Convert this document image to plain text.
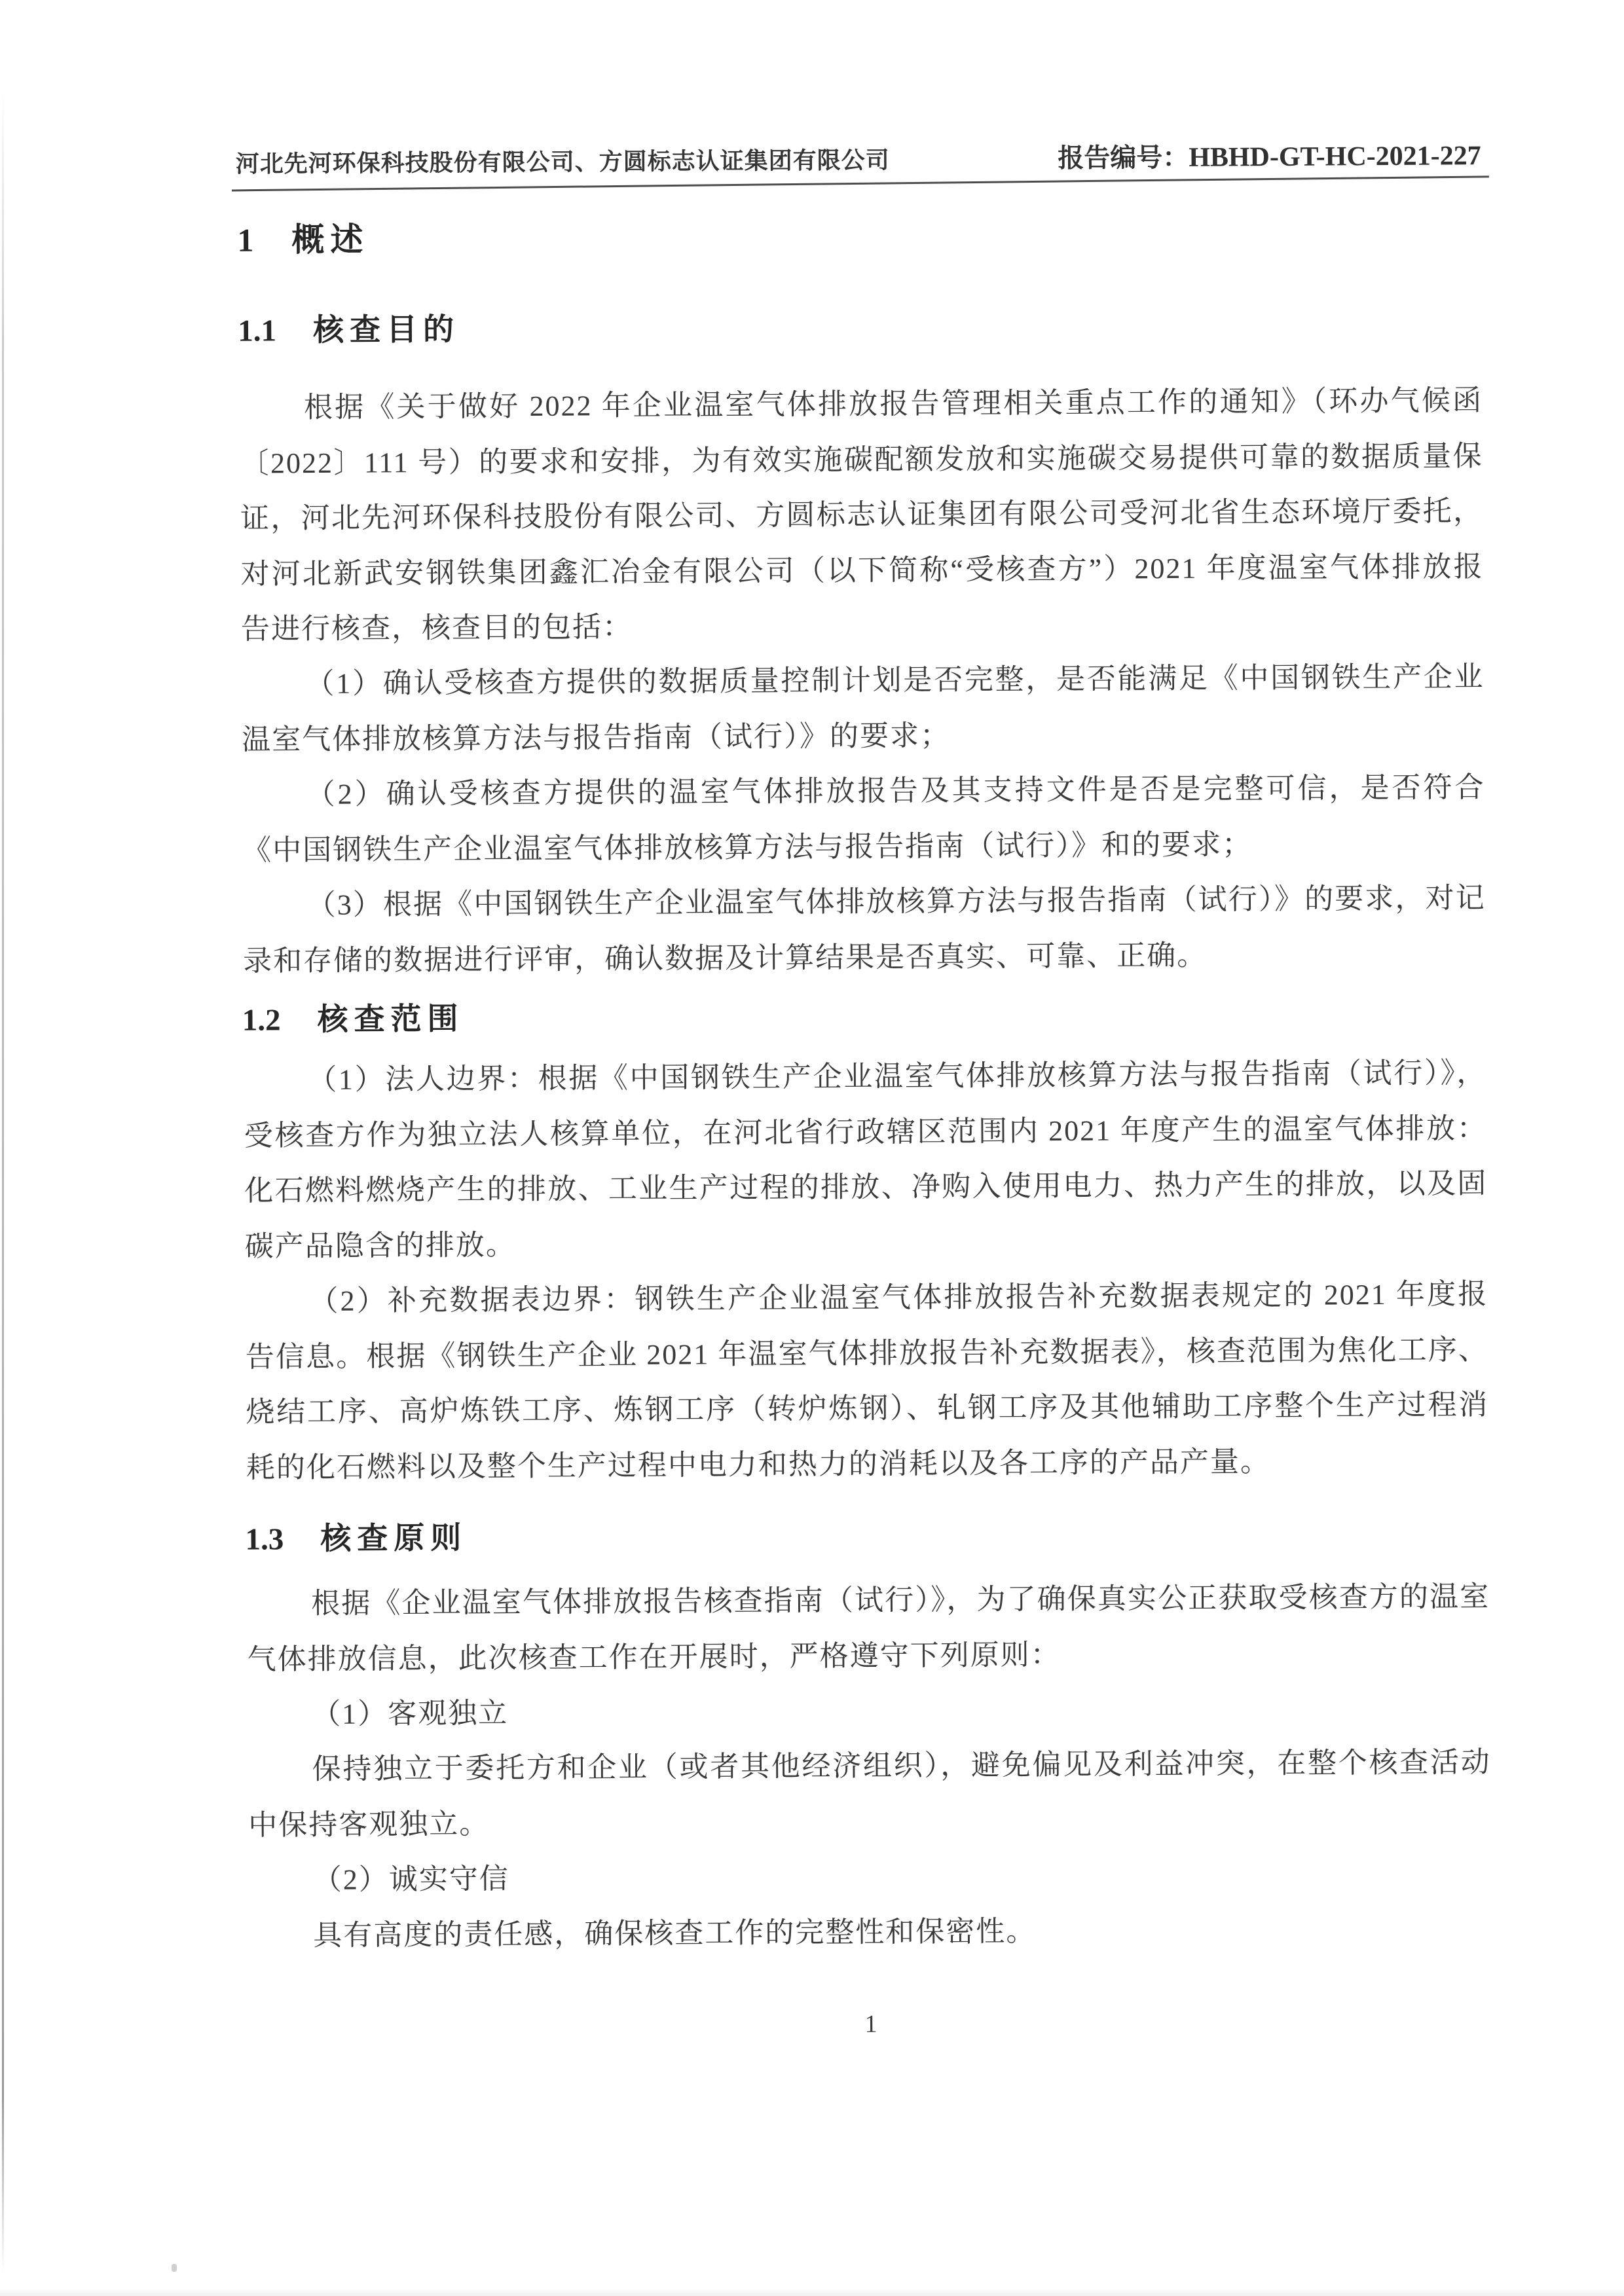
河北先河环保科技股份有限公司、方圆标志认证集团有限公司	报告编号：HBHD-GT-HC-2021-227
1 概述
1.1 核查目的
根据《关于做好 2022 年企业温室气体排放报告管理相关重点工作的通知》（环办气候函〔2022〕111 号）的要求和安排，为有效实施碳配额发放和实施碳交易提供可靠的数据质量保证，河北先河环保科技股份有限公司、方圆标志认证集团有限公司受河北省生态环境厅委托，对河北新武安钢铁集团鑫汇冶金有限公司（以下简称“受核查方”）2021 年度温室气体排放报告进行核查，核查目的包括：
（1）确认受核查方提供的数据质量控制计划是否完整，是否能满足《中国钢铁生产企业温室气体排放核算方法与报告指南（试行）》的要求；
（2）确认受核查方提供的温室气体排放报告及其支持文件是否是完整可信，是否符合《中国钢铁生产企业温室气体排放核算方法与报告指南（试行）》和的要求；
（3）根据《中国钢铁生产企业温室气体排放核算方法与报告指南（试行）》的要求，对记录和存储的数据进行评审，确认数据及计算结果是否真实、可靠、正确。
1.2 核查范围
（1）法人边界：根据《中国钢铁生产企业温室气体排放核算方法与报告指南（试行）》，受核查方作为独立法人核算单位，在河北省行政辖区范围内 2021 年度产生的温室气体排放：化石燃料燃烧产生的排放、工业生产过程的排放、净购入使用电力、热力产生的排放，以及固碳产品隐含的排放。
（2）补充数据表边界：钢铁生产企业温室气体排放报告补充数据表规定的 2021 年度报告信息。根据《钢铁生产企业 2021 年温室气体排放报告补充数据表》，核查范围为焦化工序、烧结工序、高炉炼铁工序、炼钢工序（转炉炼钢）、轧钢工序及其他辅助工序整个生产过程消耗的化石燃料以及整个生产过程中电力和热力的消耗以及各工序的产品产量。
1.3 核查原则
根据《企业温室气体排放报告核查指南（试行）》，为了确保真实公正获取受核查方的温室气体排放信息，此次核查工作在开展时，严格遵守下列原则：
（1）客观独立
保持独立于委托方和企业（或者其他经济组织），避免偏见及利益冲突，在整个核查活动中保持客观独立。
（2）诚实守信
具有高度的责任感，确保核查工作的完整性和保密性。
1
